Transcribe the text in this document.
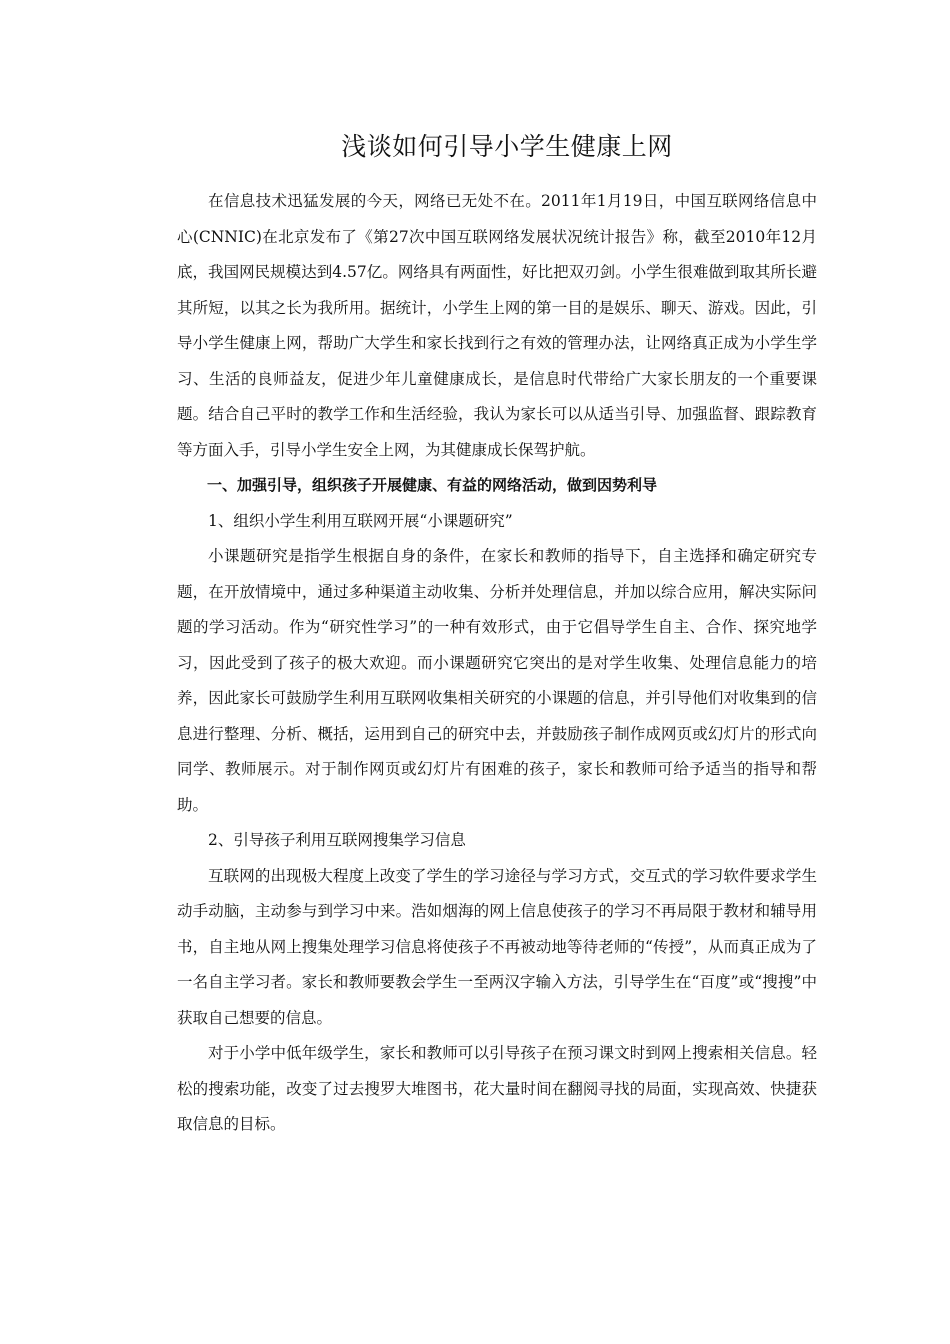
浅谈如何引导小学生健康上网

在信息技术迅猛发展的今天，网络已无处不在。2011年1月19日，中国互联网络信息中心(CNNIC)在北京发布了《第27次中国互联网络发展状况统计报告》称，截至2010年12月底，我国网民规模达到4.57亿。网络具有两面性，好比把双刃剑。小学生很难做到取其所长避其所短，以其之长为我所用。据统计，小学生上网的第一目的是娱乐、聊天、游戏。因此，引导小学生健康上网，帮助广大学生和家长找到行之有效的管理办法，让网络真正成为小学生学习、生活的良师益友，促进少年儿童健康成长，是信息时代带给广大家长朋友的一个重要课题。结合自己平时的教学工作和生活经验，我认为家长可以从适当引导、加强监督、跟踪教育等方面入手，引导小学生安全上网，为其健康成长保驾护航。

一、加强引导，组织孩子开展健康、有益的网络活动，做到因势利导

1、组织小学生利用互联网开展“小课题研究”

小课题研究是指学生根据自身的条件，在家长和教师的指导下，自主选择和确定研究专题，在开放情境中，通过多种渠道主动收集、分析并处理信息，并加以综合应用，解决实际问题的学习活动。作为“研究性学习”的一种有效形式，由于它倡导学生自主、合作、探究地学习，因此受到了孩子的极大欢迎。而小课题研究它突出的是对学生收集、处理信息能力的培养，因此家长可鼓励学生利用互联网收集相关研究的小课题的信息，并引导他们对收集到的信息进行整理、分析、概括，运用到自己的研究中去，并鼓励孩子制作成网页或幻灯片的形式向同学、教师展示。对于制作网页或幻灯片有困难的孩子，家长和教师可给予适当的指导和帮助。

2、引导孩子利用互联网搜集学习信息

互联网的出现极大程度上改变了学生的学习途径与学习方式，交互式的学习软件要求学生动手动脑，主动参与到学习中来。浩如烟海的网上信息使孩子的学习不再局限于教材和辅导用书，自主地从网上搜集处理学习信息将使孩子不再被动地等待老师的“传授”，从而真正成为了一名自主学习者。家长和教师要教会学生一至两汉字输入方法，引导学生在“百度”或“搜搜”中获取自己想要的信息。

对于小学中低年级学生，家长和教师可以引导孩子在预习课文时到网上搜索相关信息。轻松的搜索功能，改变了过去搜罗大堆图书，花大量时间在翻阅寻找的局面，实现高效、快捷获取信息的目标。
